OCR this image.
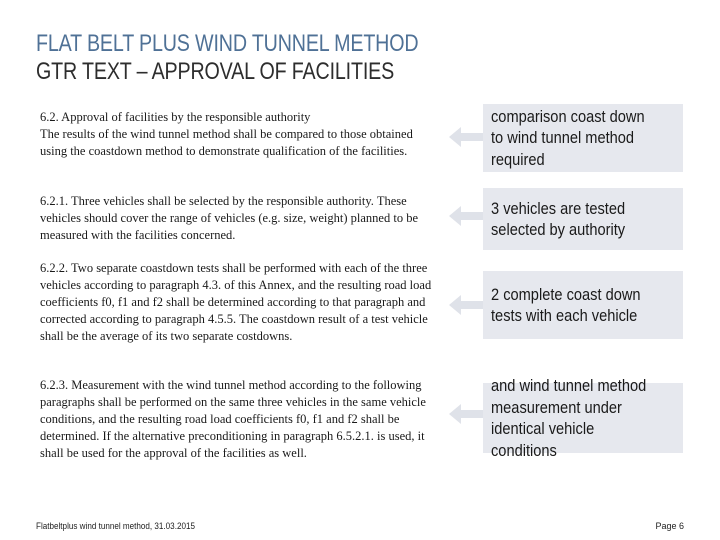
FLAT BELT PLUS WIND TUNNEL METHOD
GTR TEXT – APPROVAL OF FACILITIES
6.2. Approval of facilities by the responsible authority
The results of the wind tunnel method shall be compared to those obtained using the coastdown method to demonstrate qualification of the facilities.
comparison coast down to wind tunnel method required
6.2.1. Three vehicles shall be selected by the responsible authority. These vehicles should cover the range of vehicles (e.g. size, weight) planned to be measured with the facilities concerned.
3 vehicles are tested selected by authority
6.2.2. Two separate coastdown tests shall be performed with each of the three vehicles according to paragraph 4.3. of this Annex, and the resulting road load coefficients f0, f1 and f2 shall be determined according to that paragraph and corrected according to paragraph 4.5.5. The coastdown result of a test vehicle shall be the average of its two separate costdowns.
2 complete coast down tests with each vehicle
6.2.3. Measurement with the wind tunnel method according to the following paragraphs shall be performed on the same three vehicles in the same vehicle conditions, and the resulting road load coefficients f0, f1 and f2 shall be determined. If the alternative preconditioning in paragraph 6.5.2.1. is used, it shall be used for the approval of the facilities as well.
and wind tunnel method measurement under identical vehicle conditions
Flatbeltplus wind tunnel method, 31.03.2015	Page 6
